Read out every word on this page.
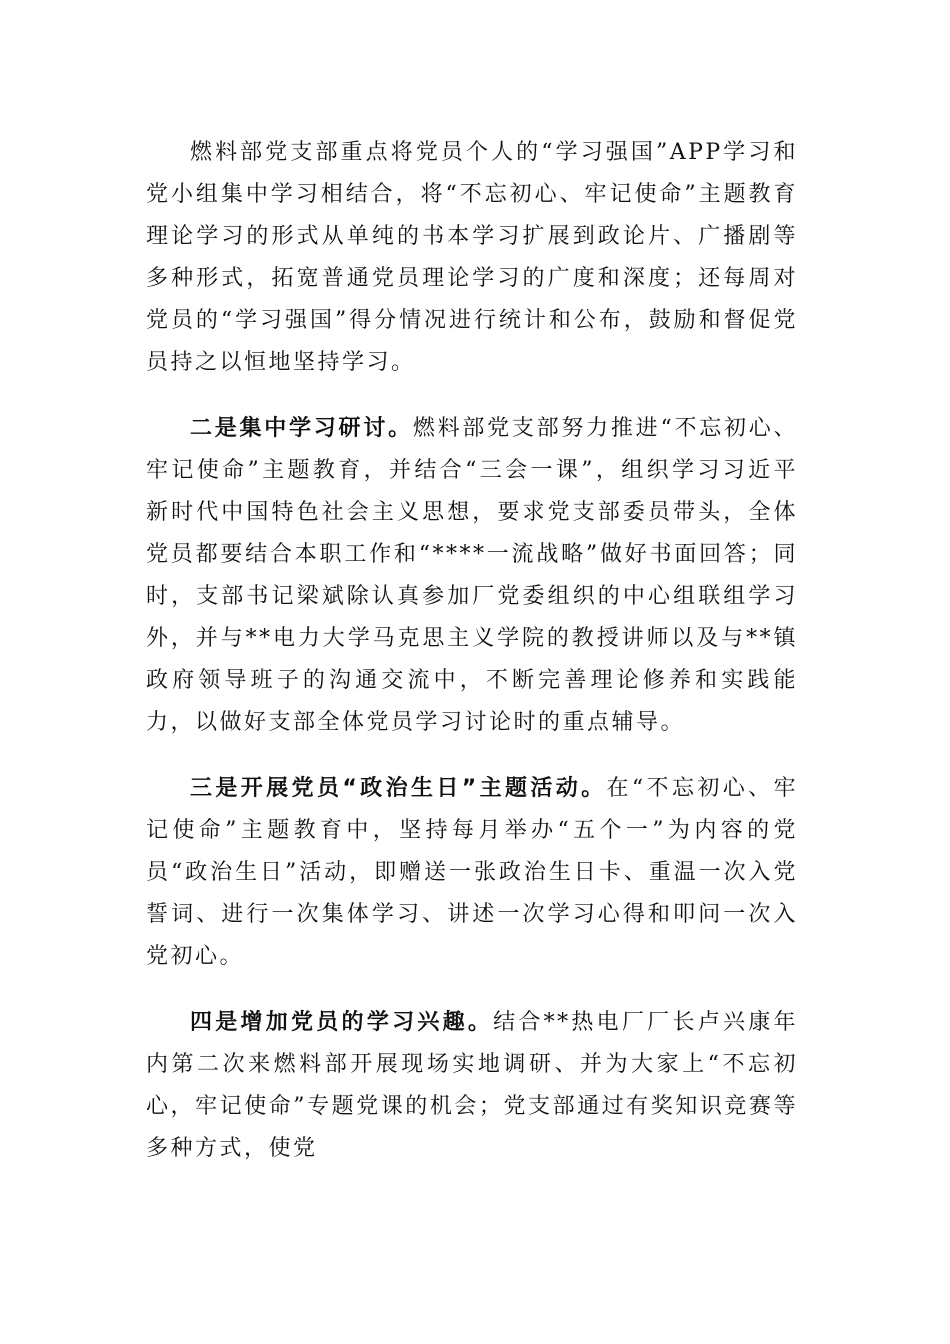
燃料部党支部重点将党员个人的“学习强国”APP学习和党小组集中学习相结合，将“不忘初心、牢记使命”主题教育理论学习的形式从单纯的书本学习扩展到政论片、广播剧等多种形式，拓宽普通党员理论学习的广度和深度；还每周对党员的“学习强国”得分情况进行统计和公布，鼓励和督促党员持之以恒地坚持学习。

二是集中学习研讨。燃料部党支部努力推进“不忘初心、牢记使命”主题教育，并结合“三会一课”，组织学习习近平新时代中国特色社会主义思想，要求党支部委员带头，全体党员都要结合本职工作和“****一流战略”做好书面回答；同时，支部书记梁斌除认真参加厂党委组织的中心组联组学习外，并与**电力大学马克思主义学院的教授讲师以及与**镇政府领导班子的沟通交流中，不断完善理论修养和实践能力，以做好支部全体党员学习讨论时的重点辅导。

三是开展党员“政治生日”主题活动。在“不忘初心、牢记使命”主题教育中，坚持每月举办“五个一”为内容的党员“政治生日”活动，即赠送一张政治生日卡、重温一次入党誓词、进行一次集体学习、讲述一次学习心得和叩问一次入党初心。

四是增加党员的学习兴趣。结合**热电厂厂长卢兴康年内第二次来燃料部开展现场实地调研、并为大家上“不忘初心，牢记使命”专题党课的机会；党支部通过有奖知识竞赛等多种方式，使党
